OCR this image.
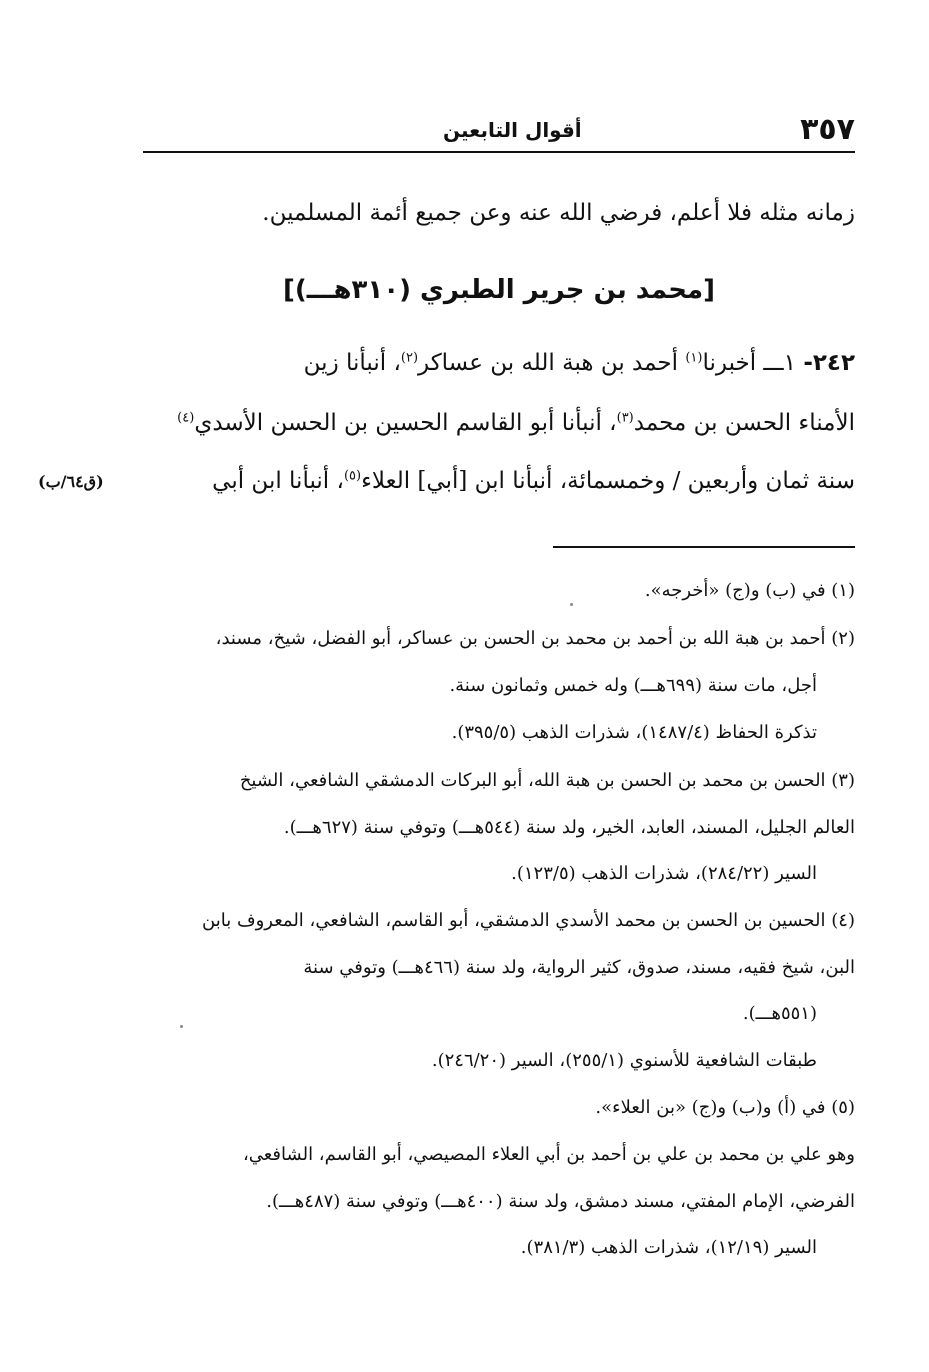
٣٥٧
أقوال التابعين
زمانه مثله فلا أعلم، فرضي الله عنه وعن جميع أئمة المسلمين.
[محمد بن جرير الطبري (٣١٠هـــ)]
٢٤٢- ١ـــ أخبرنا$^{(١)}$ أحمد بن هبة الله بن عساكر$^{(٢)}$، أنبأنا زين
الأمناء الحسن بن محمد$^{(٣)}$، أنبأنا أبو القاسم الحسين بن الحسن الأسدي$^{(٤)}$
سنة ثمان وأربعين / وخمسمائة، أنبأنا ابن [أبي] العلاء$^{(٥)}$، أنبأنا ابن أبي
(ق٦٤/ب)
(١) في (ب) و(ج) «أخرجه».
(٢) أحمد بن هبة الله بن أحمد بن محمد بن الحسن بن عساكر، أبو الفضل، شيخ، مسند،
أجل، مات سنة (٦٩٩هـــ) وله خمس وثمانون سنة.
تذكرة الحفاظ (١٤٨٧/٤)، شذرات الذهب (٣٩٥/٥).
(٣) الحسن بن محمد بن الحسن بن هبة الله، أبو البركات الدمشقي الشافعي، الشيخ
العالم الجليل، المسند، العابد، الخير، ولد سنة (٥٤٤هـــ) وتوفي سنة (٦٢٧هـــ).
السير (٢٨٤/٢٢)، شذرات الذهب (١٢٣/٥).
(٤) الحسين بن الحسن بن محمد الأسدي الدمشقي، أبو القاسم، الشافعي، المعروف بابن
البن، شيخ فقيه، مسند، صدوق، كثير الرواية، ولد سنة (٤٦٦هـــ) وتوفي سنة
(٥٥١هـــ).
طبقات الشافعية للأسنوي (٢٥٥/١)، السير (٢٤٦/٢٠).
(٥) في (أ) و(ب) و(ج) «بن العلاء».
وهو علي بن محمد بن علي بن أحمد بن أبي العلاء المصيصي، أبو القاسم، الشافعي،
الفرضي، الإمام المفتي، مسند دمشق، ولد سنة (٤٠٠هـــ) وتوفي سنة (٤٨٧هـــ).
السير (١٢/١٩)، شذرات الذهب (٣٨١/٣).
